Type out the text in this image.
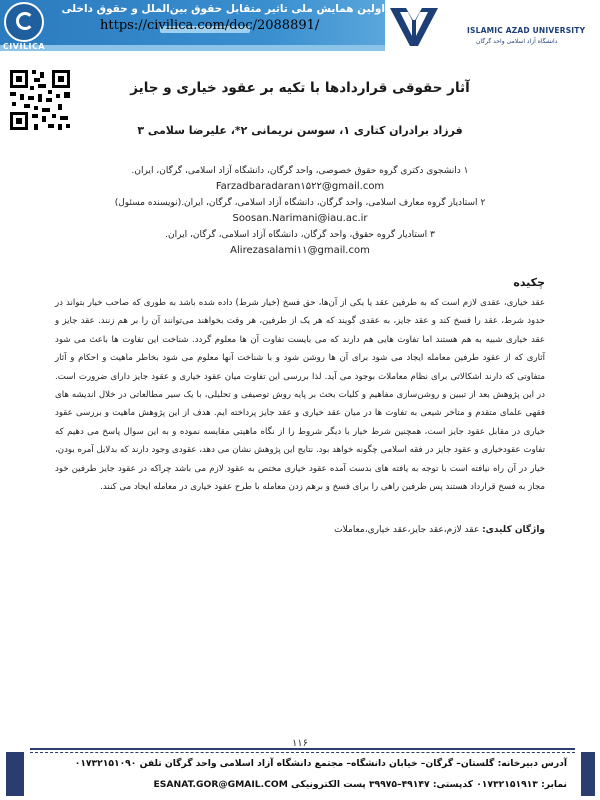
اولین همایش ملی تاثیر متقابل حقوق بین‌الملل و حقوق داخلی
CIVILICA
https://civilica.com/doc/2088891/	ISLAMIC AZAD UNIVERSITY
دانشگاه آزاد اسلامی واحد گرگان
آثار حقوقی قراردادها با تکیه بر عقود خیاری و جایز
فرزاد برادران کتاری ۱، سوسن نریمانی ۲*، علیرضا سلامی ۳
۱ دانشجوی دکتری گروه حقوق خصوصی، واحد گرگان، دانشگاه آزاد اسلامی، گرگان، ایران.
Farzadbaradaran۱۵۲۲@gmail.com
۲ استادیار گروه معارف اسلامی، واحد گرگان، دانشگاه آزاد اسلامی، گرگان، ایران.(نویسنده مسئول)
Soosan.Narimani@iau.ac.ir
۳ استادیار گروه حقوق، واحد گرگان، دانشگاه آزاد اسلامی، گرگان، ایران.
Alirezasalami۱۱@gmail.com
چکیده

عقد خیاری، عقدی لازم است که به طرفین عقد یا یکی از آن‌ها، حق فسخ (خیار شرط) داده شده باشد به طوری که صاحب خیار بتواند در حدود شرط، عقد را فسخ کند و عقد جایز، به عقدی گویند که هر یک از طرفین، هر وقت بخواهند می‌توانند آن را بر هم زنند. عقد جایز و عقد خیاری شبیه به هم هستند اما تفاوت هایی هم دارند که می بایست تفاوت آن ها معلوم گردد. شناخت این تفاوت ها باعث می شود آثاری که از عقود طرفین معامله ایجاد می شود برای آن ها روشن شود و با شناخت آنها معلوم می شود بخاطر ماهیت و احکام و آثار متفاوتی که دارند اشکالاتی برای نظام معاملات بوجود می آید. لذا بررسی این تفاوت میان عقود خیاری و عقود جایز دارای ضرورت است. در این پژوهش بعد از تبیین و روشن‌سازی مفاهیم و کلیات بحث بر پایه روش توصیفی و تحلیلی، با یک سیر مطالعاتی در خلال اندیشه های فقهی علمای متقدم و متاخر شیعی به تفاوت ها در میان عقد خیاری و عقد جایز پرداخته ایم. هدف از این پژوهش ماهیت و بررسی عقود خیاری در مقابل عقود جایز است، همچنین شرط خیار با دیگر شروط را از نگاه ماهیتی مقایسه نموده و به این سوال پاسخ می دهیم که تفاوت عقودخیاری و عقود جایز در فقه اسلامی چگونه خواهد بود. نتایج این پژوهش نشان می دهد، عقودی وجود دارند که بدلایل آمره بودن، خیار در آن راه نیافته است با توجه به یافته های بدست آمده عقود خیاری مختص به عقود لازم می باشد چراکه در عقود جایز طرفین خود مجاز به فسخ قرارداد هستند پس طرفین راهی را برای فسخ و برهم زدن معامله با طرح عقود خیاری در معامله ایجاد می کنند.

واژگان کلیدی: عقد لازم،عقد جایز،عقد خیاری،معاملات
۱۱۶
آدرس دبیرخانه: گلستان– گرگان– خیابان دانشگاه– مجتمع دانشگاه آزاد اسلامی واحد گرگان تلفن ۰۱۷۳۲۱۵۱۰۹۰
نمابر: ۰۱۷۳۲۱۵۱۹۱۳ کدپستی: ۴۹۱۴۷–۳۹۹۷۵ پست الکترونیکی ESANAT.GOR@GMAIL.COM
